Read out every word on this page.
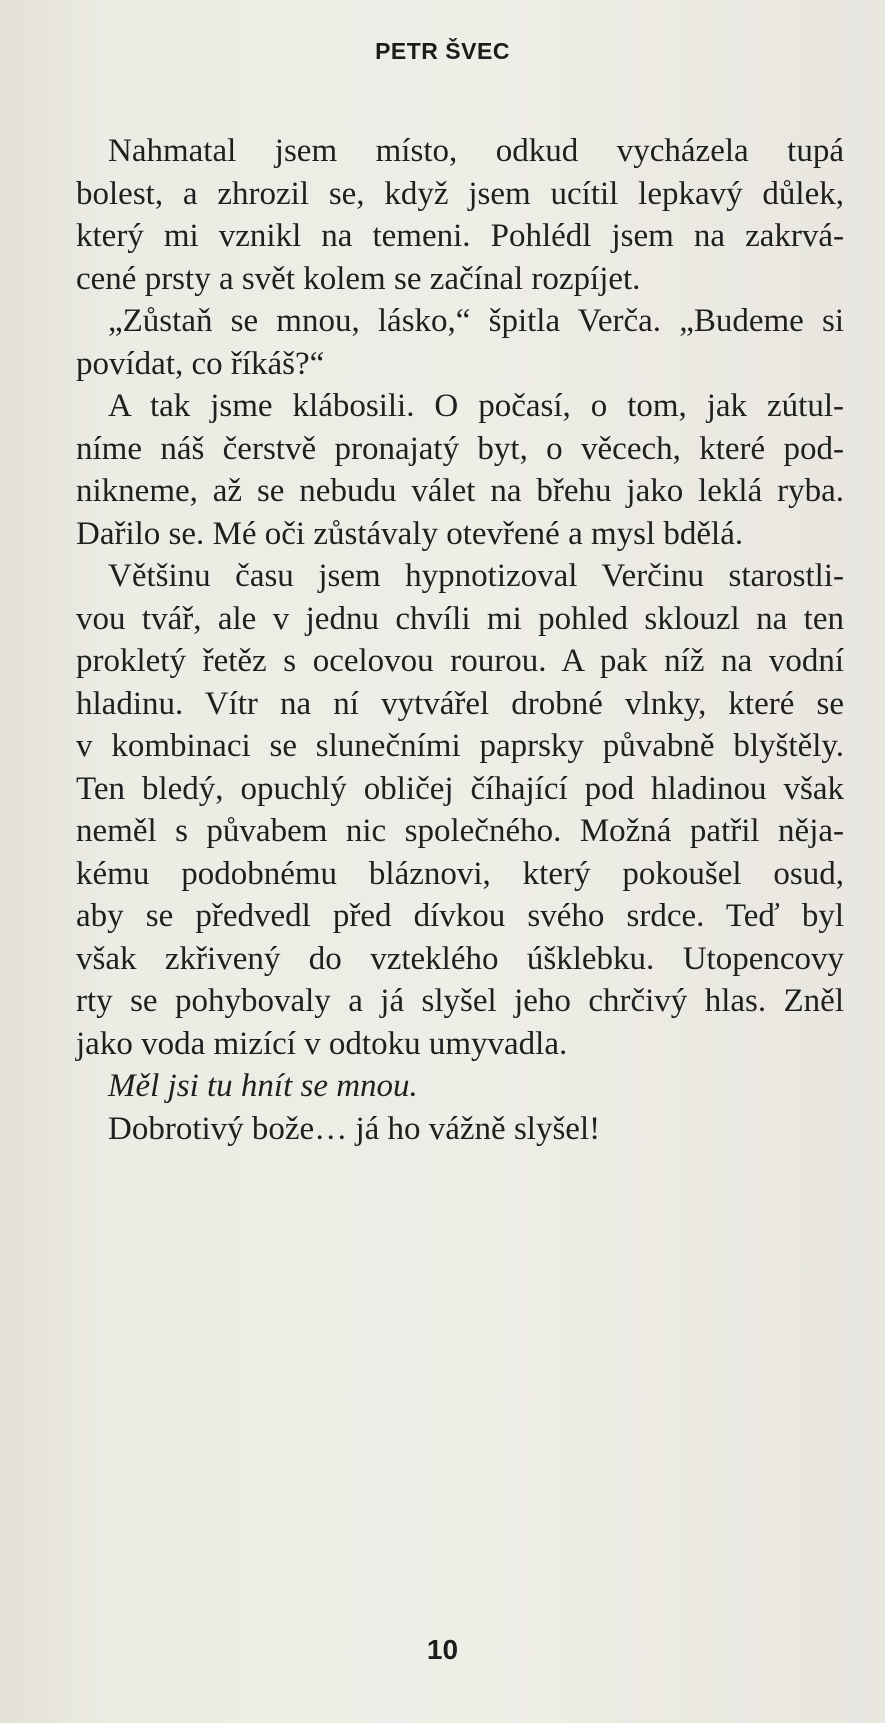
PETR ŠVEC

Nahmatal jsem místo, odkud vycházela tupá
bolest, a zhrozil se, když jsem ucítil lepkavý důlek,
který mi vznikl na temeni. Pohlédl jsem na zakrvá-
cené prsty a svět kolem se začínal rozpíjet.

„Zůstaň se mnou, lásko,“ špitla Verča. „Budeme si
povídat, co říkáš?“

A tak jsme klábosili. O počasí, o tom, jak zútul-
níme náš čerstvě pronajatý byt, o věcech, které pod-
nikneme, až se nebudu válet na břehu jako leklá ryba.
Dařilo se. Mé oči zůstávaly otevřené a mysl bdělá.

Většinu času jsem hypnotizoval Verčinu starostli-
vou tvář, ale v jednu chvíli mi pohled sklouzl na ten
prokletý řetěz s ocelovou rourou. A pak níž na vodní
hladinu. Vítr na ní vytvářel drobné vlnky, které se
v kombinaci se slunečními paprsky půvabně blyštěly.
Ten bledý, opuchlý obličej číhající pod hladinou však
neměl s půvabem nic společného. Možná patřil něja-
kému podobnému bláznovi, který pokoušel osud,
aby se předvedl před dívkou svého srdce. Teď byl
však zkřivený do vzteklého úšklebku. Utopencovy
rty se pohybovaly a já slyšel jeho chrčivý hlas. Zněl
jako voda mizící v odtoku umyvadla.

Měl jsi tu hnít se mnou.

Dobrotivý bože… já ho vážně slyšel!

10
